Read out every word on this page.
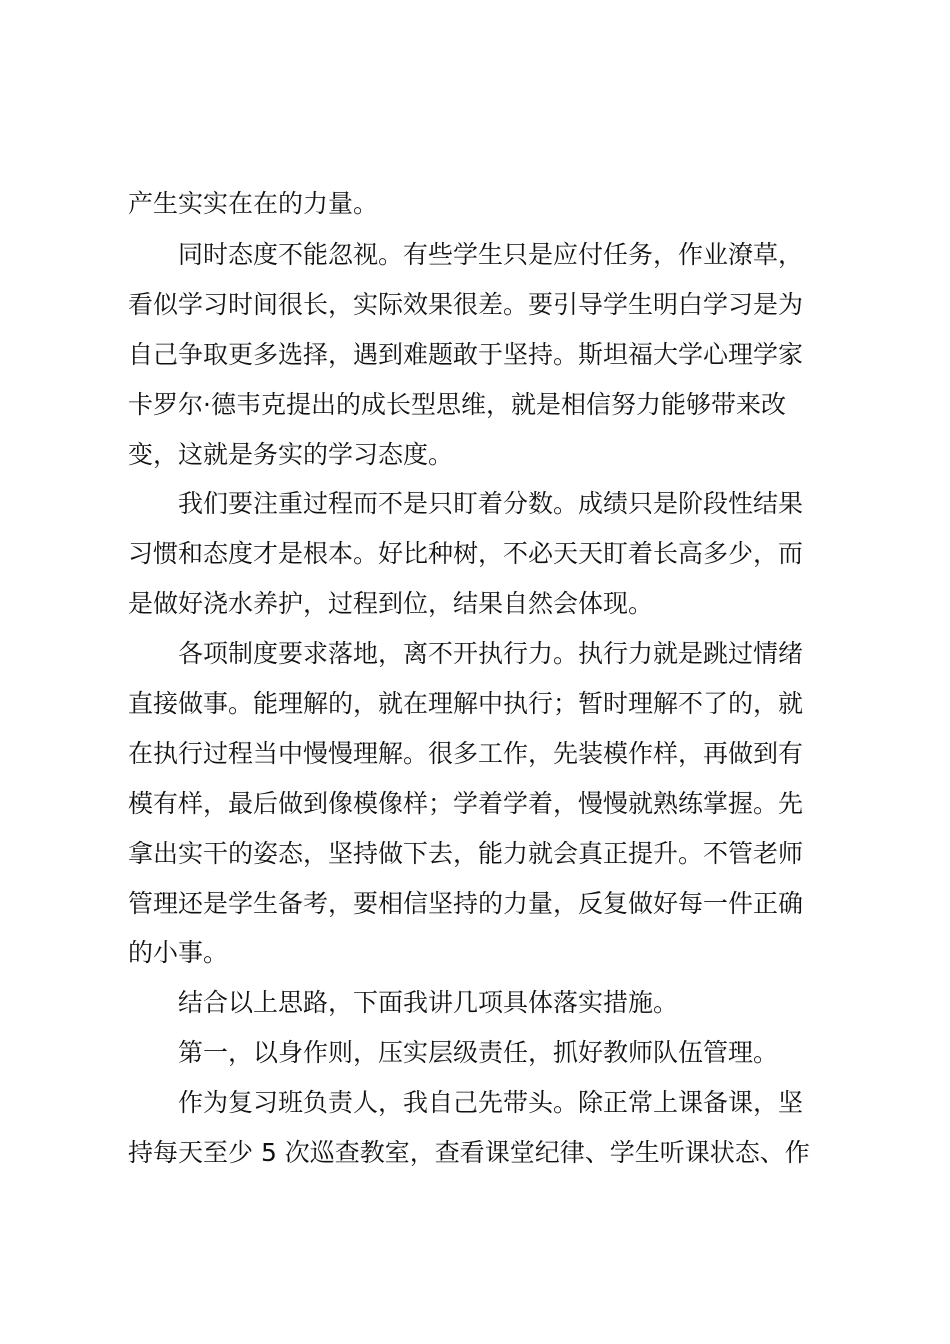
产生实实在在的力量。
同时态度不能忽视。有些学生只是应付任务，作业潦草，
看似学习时间很长，实际效果很差。要引导学生明白学习是为
自己争取更多选择，遇到难题敢于坚持。斯坦福大学心理学家
卡罗尔·德韦克提出的成长型思维，就是相信努力能够带来改
变，这就是务实的学习态度。
我们要注重过程而不是只盯着分数。成绩只是阶段性结果
习惯和态度才是根本。好比种树，不必天天盯着长高多少，而
是做好浇水养护，过程到位，结果自然会体现。
各项制度要求落地，离不开执行力。执行力就是跳过情绪
直接做事。能理解的，就在理解中执行；暂时理解不了的，就
在执行过程当中慢慢理解。很多工作，先装模作样，再做到有
模有样，最后做到像模像样；学着学着，慢慢就熟练掌握。先
拿出实干的姿态，坚持做下去，能力就会真正提升。不管老师
管理还是学生备考，要相信坚持的力量，反复做好每一件正确
的小事。
结合以上思路，下面我讲几项具体落实措施。
第一，以身作则，压实层级责任，抓好教师队伍管理。
作为复习班负责人，我自己先带头。除正常上课备课，坚
持每天至少 5 次巡查教室，查看课堂纪律、学生听课状态、作
